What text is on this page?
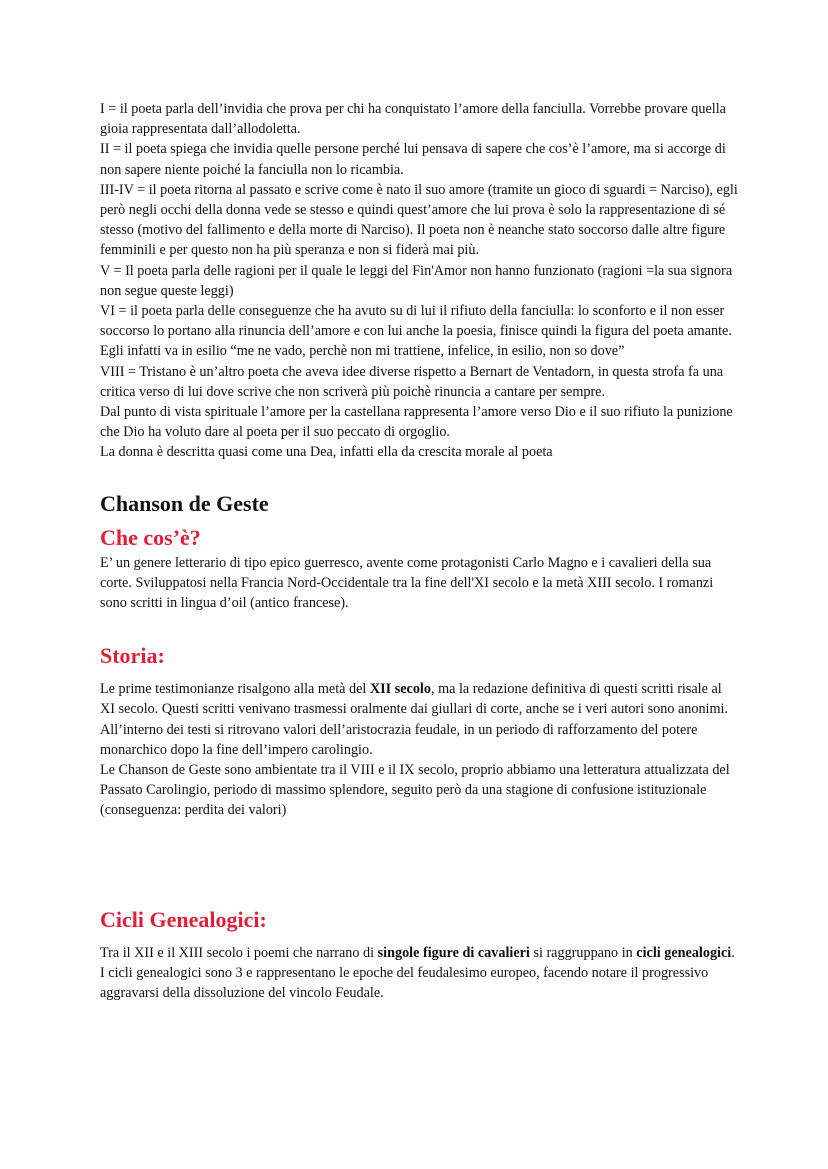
I = il poeta parla dell’invidia che prova per chi ha conquistato l’amore della fanciulla. Vorrebbe provare quella gioia rappresentata dall’allodoletta.

II = il poeta spiega che invidia quelle persone perché lui pensava di sapere che cos’è l’amore, ma si accorge di non sapere niente poiché la fanciulla non lo ricambia.

III-IV = il poeta ritorna al passato e scrive come è nato il suo amore (tramite un gioco di sguardi = Narciso), egli però negli occhi della donna vede se stesso e quindi quest’amore che lui prova è solo la rappresentazione di sé stesso (motivo del fallimento e della morte di Narciso). Il poeta non è neanche stato soccorso dalle altre figure femminili e per questo non ha più speranza e non si fiderà mai più.

V = Il poeta parla delle ragioni per il quale le leggi del Fin'Amor non hanno funzionato (ragioni =la sua signora non segue queste leggi)

VI = il poeta parla delle conseguenze che ha avuto su di lui il rifiuto della fanciulla: lo sconforto e il non esser soccorso lo portano alla rinuncia dell’amore e con lui anche la poesia, finisce quindi la figura del poeta amante. Egli infatti va in esilio “me ne vado, perchè non mi trattiene, infelice, in esilio, non so dove”

VIII = Tristano è un’altro poeta che aveva idee diverse rispetto a Bernart de Ventadorn, in questa strofa fa una critica verso di lui dove scrive che non scriverà più poichè rinuncia a cantare per sempre.

Dal punto di vista spirituale l’amore per la castellana rappresenta l’amore verso Dio e il suo rifiuto la punizione che Dio ha voluto dare al poeta per il suo peccato di orgoglio.

La donna è descritta quasi come una Dea, infatti ella da crescita morale al poeta

Chanson de Geste
Che cos’è?

E’ un genere letterario di tipo epico guerresco, avente come protagonisti Carlo Magno e i cavalieri della sua corte. Sviluppatosi nella Francia Nord-Occidentale tra la fine dell'XI secolo e la metà XIII secolo. I romanzi sono scritti in lingua d’oil (antico francese).

Storia:

Le prime testimonianze risalgono alla metà del XII secolo, ma la redazione definitiva di questi scritti risale al XI secolo. Questi scritti venivano trasmessi oralmente dai giullari di corte, anche se i veri autori sono anonimi.

All’interno dei testi si ritrovano valori dell’aristocrazia feudale, in un periodo di rafforzamento del potere monarchico dopo la fine dell’impero carolingio.

Le Chanson de Geste sono ambientate tra il VIII e il IX secolo, proprio abbiamo una letteratura attualizzata del Passato Carolingio, periodo di massimo splendore, seguito però da una stagione di confusione istituzionale (conseguenza: perdita dei valori)

Cicli Genealogici:

Tra il XII e il XIII secolo i poemi che narrano di singole figure di cavalieri si raggruppano in cicli genealogici.

I cicli genealogici sono 3 e rappresentano le epoche del feudalesimo europeo, facendo notare il progressivo aggravarsi della dissoluzione del vincolo Feudale.
